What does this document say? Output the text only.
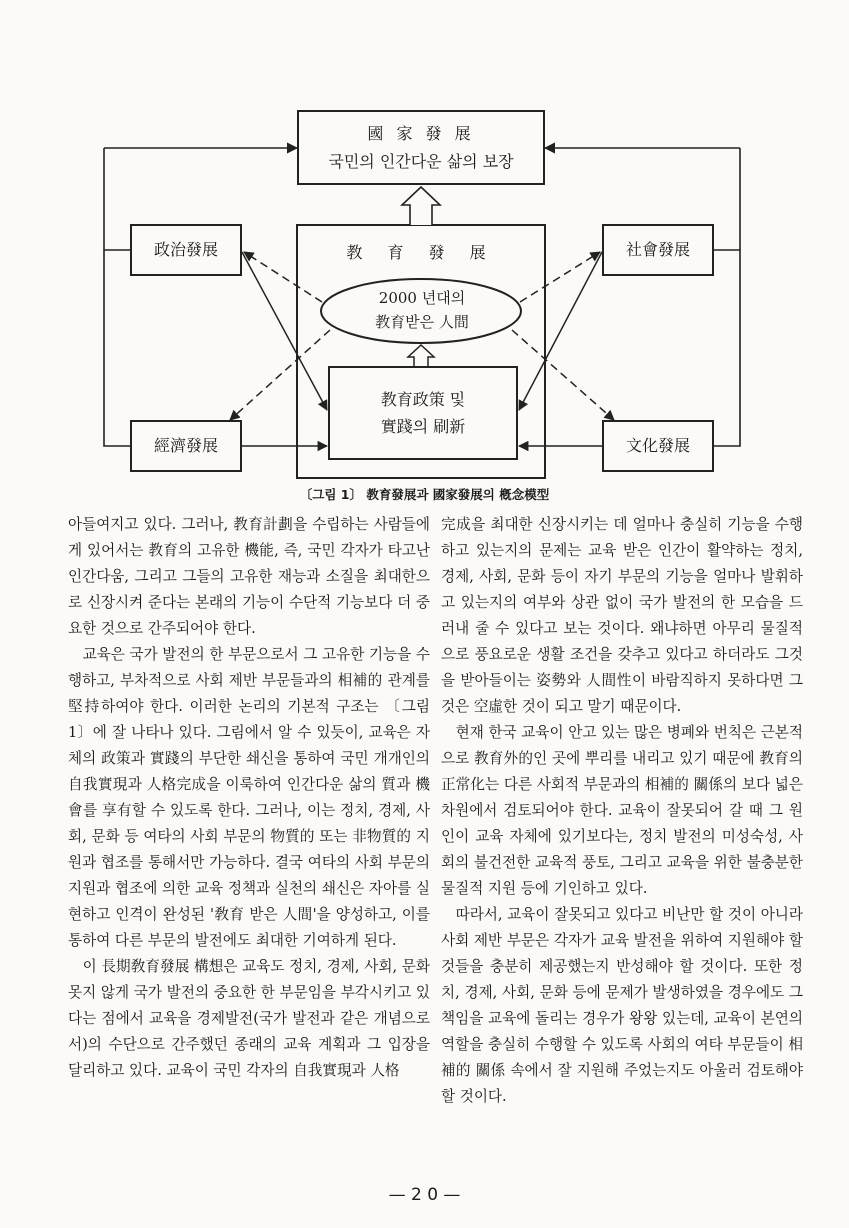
國 家 發 展
국민의 인간다운 삶의 보장
教 育 發 展
2000 년대의
教育받은 人間
教育政策 및
實踐의 刷新
政治發展
經濟發展
社會發展
文化發展
〔그림 1〕 教育發展과 國家發展의 槪念模型

아들여지고 있다. 그러나, 教育計劃을 수립하는 사람들에게 있어서는 教育의 고유한 機能, 즉, 국민 각자가 타고난 인간다움, 그리고 그들의 고유한 재능과 소질을 최대한으로 신장시켜 준다는 본래의 기능이 수단적 기능보다 더 중요한 것으로 간주되어야 한다.

교육은 국가 발전의 한 부문으로서 그 고유한 기능을 수행하고, 부차적으로 사회 제반 부문들과의 相補的 관계를 堅持하여야 한다. 이러한 논리의 기본적 구조는 〔그림 1〕에 잘 나타나 있다. 그림에서 알 수 있듯이, 교육은 자체의 政策과 實踐의 부단한 쇄신을 통하여 국민 개개인의 自我實現과 人格完成을 이룩하여 인간다운 삶의 質과 機會를 享有할 수 있도록 한다. 그러나, 이는 정치, 경제, 사회, 문화 등 여타의 사회 부문의 物質的 또는 非物質的 지원과 협조를 통해서만 가능하다. 결국 여타의 사회 부문의 지원과 협조에 의한 교육 정책과 실천의 쇄신은 자아를 실현하고 인격이 완성된 '敎育 받은 人間'을 양성하고, 이를 통하여 다른 부문의 발전에도 최대한 기여하게 된다.

이 長期敎育發展 構想은 교육도 정치, 경제, 사회, 문화 못지 않게 국가 발전의 중요한 한 부문임을 부각시키고 있다는 점에서 교육을 경제발전(국가 발전과 같은 개념으로서)의 수단으로 간주했던 종래의 교육 계획과 그 입장을 달리하고 있다. 교육이 국민 각자의 自我實現과 人格

完成을 최대한 신장시키는 데 얼마나 충실히 기능을 수행하고 있는지의 문제는 교육 받은 인간이 활약하는 정치, 경제, 사회, 문화 등이 자기 부문의 기능을 얼마나 발휘하고 있는지의 여부와 상관 없이 국가 발전의 한 모습을 드러내 줄 수 있다고 보는 것이다. 왜냐하면 아무리 물질적으로 풍요로운 생활 조건을 갖추고 있다고 하더라도 그것을 받아들이는 姿勢와 人間性이 바람직하지 못하다면 그것은 空虛한 것이 되고 말기 때문이다.

현재 한국 교육이 안고 있는 많은 병폐와 번칙은 근본적으로 教育外的인 곳에 뿌리를 내리고 있기 때문에 教育의 正常化는 다른 사회적 부문과의 相補的 關係의 보다 넓은 차원에서 검토되어야 한다. 교육이 잘못되어 갈 때 그 원인이 교육 자체에 있기보다는, 정치 발전의 미성숙성, 사회의 불건전한 교육적 풍토, 그리고 교육을 위한 불충분한 물질적 지원 등에 기인하고 있다.

따라서, 교육이 잘못되고 있다고 비난만 할 것이 아니라 사회 제반 부문은 각자가 교육 발전을 위하여 지원해야 할 것들을 충분히 제공했는지 반성해야 할 것이다. 또한 정치, 경제, 사회, 문화 등에 문제가 발생하였을 경우에도 그 책임을 교육에 돌리는 경우가 왕왕 있는데, 교육이 본연의 역할을 충실히 수행할 수 있도록 사회의 여타 부문들이 相補的 關係 속에서 잘 지원해 주었는지도 아울러 검토해야 할 것이다.

— 2 0 —
